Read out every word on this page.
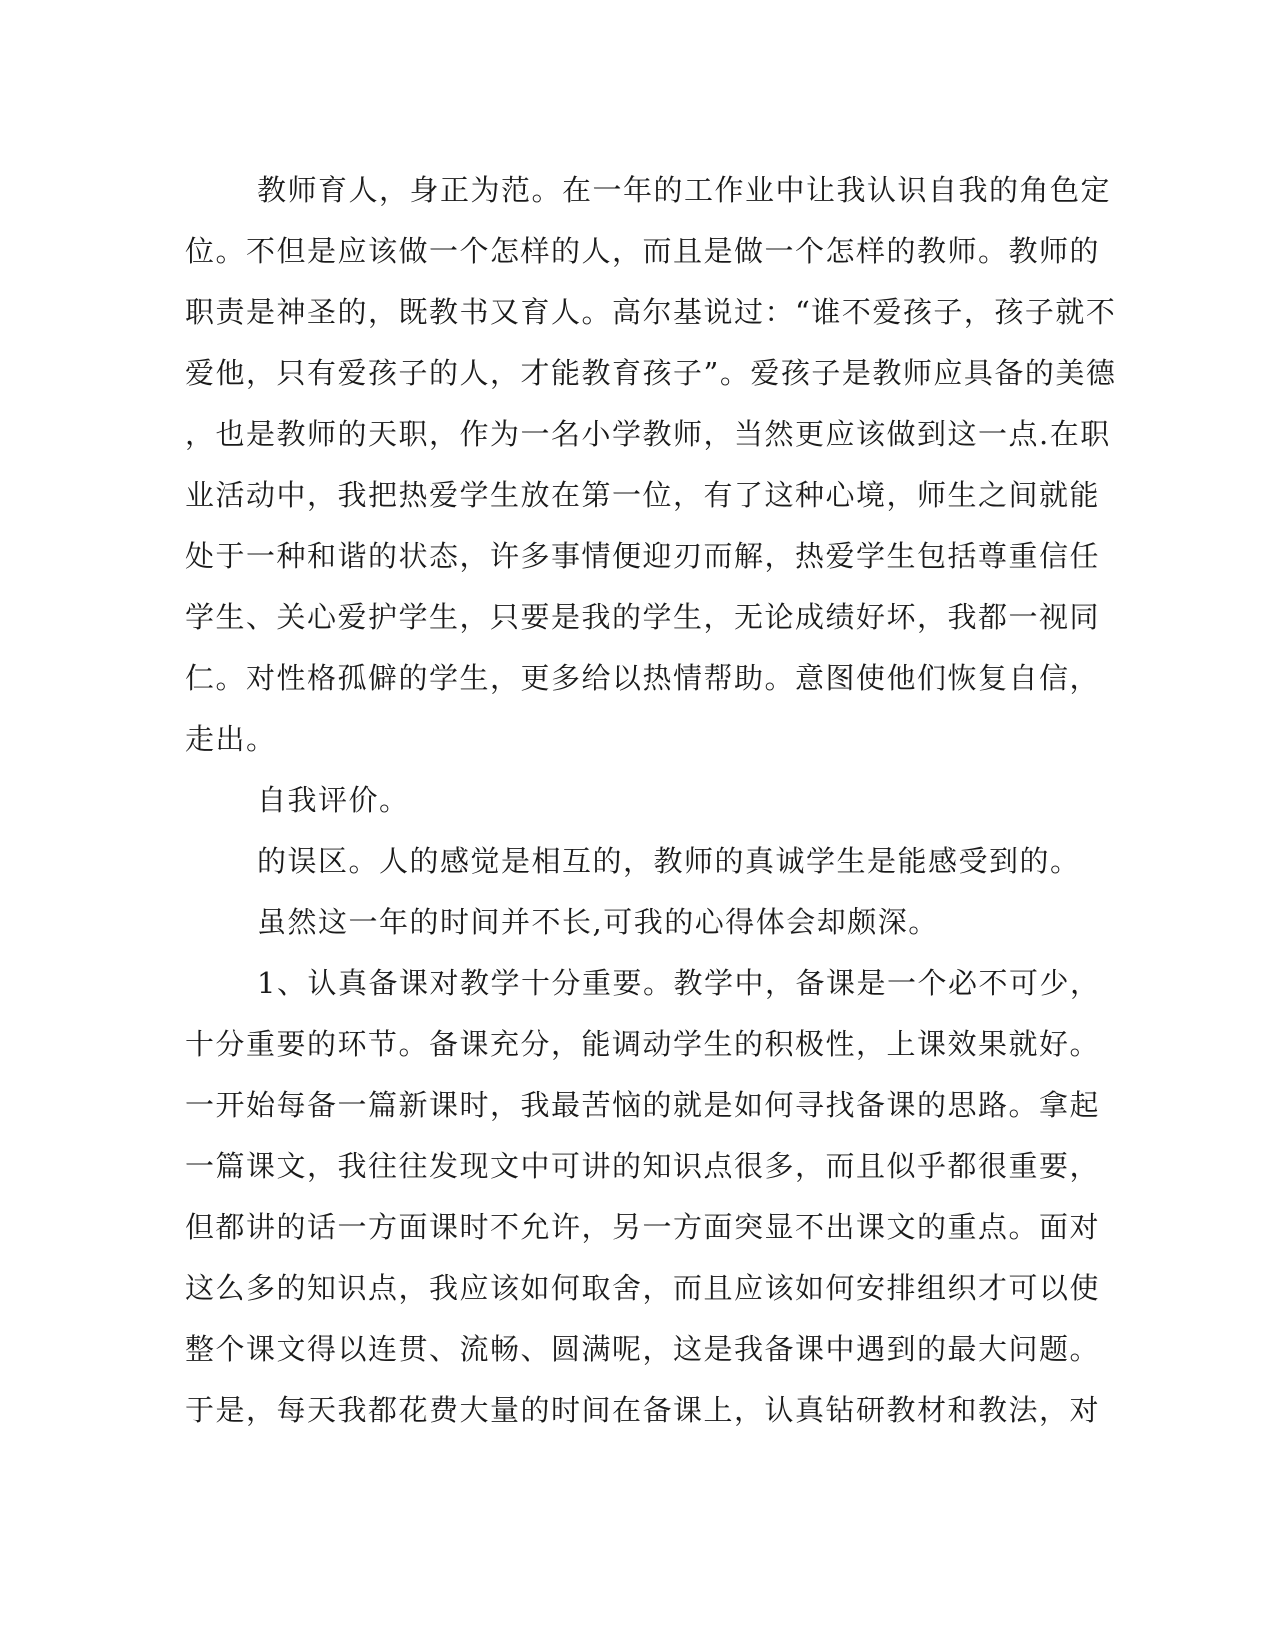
教师育人，身正为范。在一年的工作业中让我认识自我的角色定
位。不但是应该做一个怎样的人，而且是做一个怎样的教师。教师的
职责是神圣的，既教书又育人。高尔基说过：“谁不爱孩子，孩子就不
爱他，只有爱孩子的人，才能教育孩子”。爱孩子是教师应具备的美德
，也是教师的天职，作为一名小学教师，当然更应该做到这一点.在职
业活动中，我把热爱学生放在第一位，有了这种心境，师生之间就能
处于一种和谐的状态，许多事情便迎刃而解，热爱学生包括尊重信任
学生、关心爱护学生，只要是我的学生，无论成绩好坏，我都一视同
仁。对性格孤僻的学生，更多给以热情帮助。意图使他们恢复自信，
走出。
自我评价。
的误区。人的感觉是相互的，教师的真诚学生是能感受到的。
虽然这一年的时间并不长,可我的心得体会却颇深。
1、认真备课对教学十分重要。教学中，备课是一个必不可少，
十分重要的环节。备课充分，能调动学生的积极性，上课效果就好。
一开始每备一篇新课时，我最苦恼的就是如何寻找备课的思路。拿起
一篇课文，我往往发现文中可讲的知识点很多，而且似乎都很重要，
但都讲的话一方面课时不允许，另一方面突显不出课文的重点。面对
这么多的知识点，我应该如何取舍，而且应该如何安排组织才可以使
整个课文得以连贯、流畅、圆满呢，这是我备课中遇到的最大问题。
于是，每天我都花费大量的时间在备课上，认真钻研教材和教法，对
